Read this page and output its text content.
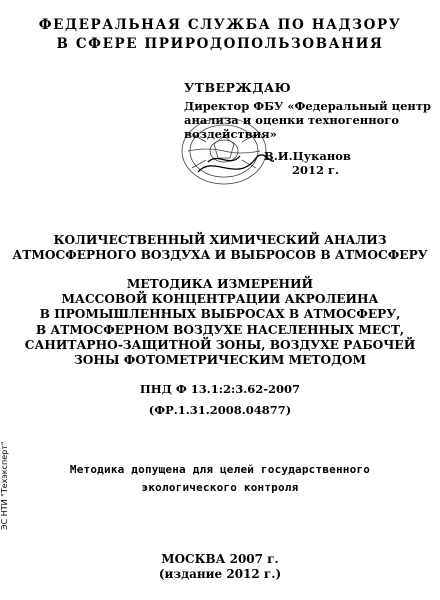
ФЕДЕРАЛЬНАЯ СЛУЖБА ПО НАДЗОРУ
В СФЕРЕ ПРИРОДОПОЛЬЗОВАНИЯ
УТВЕРЖДАЮ
Директор ФБУ «Федеральный центр
анализа и оценки техногенного
воздействия»
В.И.Цуканов
2012 г.
КОЛИЧЕСТВЕННЫЙ ХИМИЧЕСКИЙ АНАЛИЗ
АТМОСФЕРНОГО ВОЗДУХА И ВЫБРОСОВ В АТМОСФЕРУ
МЕТОДИКА ИЗМЕРЕНИЙ
МАССОВОЙ КОНЦЕНТРАЦИИ АКРОЛЕИНА
В ПРОМЫШЛЕННЫХ ВЫБРОСАХ В АТМОСФЕРУ,
В АТМОСФЕРНОМ ВОЗДУХЕ НАСЕЛЕННЫХ МЕСТ,
САНИТАРНО-ЗАЩИТНОЙ ЗОНЫ, ВОЗДУХЕ РАБОЧЕЙ
ЗОНЫ ФОТОМЕТРИЧЕСКИМ МЕТОДОМ
ПНД Ф 13.1:2:3.62-2007
(ФР.1.31.2008.04877)
Методика допущена для целей государственного
экологического контроля
МОСКВА 2007 г.
(издание 2012 г.)
ЭС НТИ "Техэксперт"
